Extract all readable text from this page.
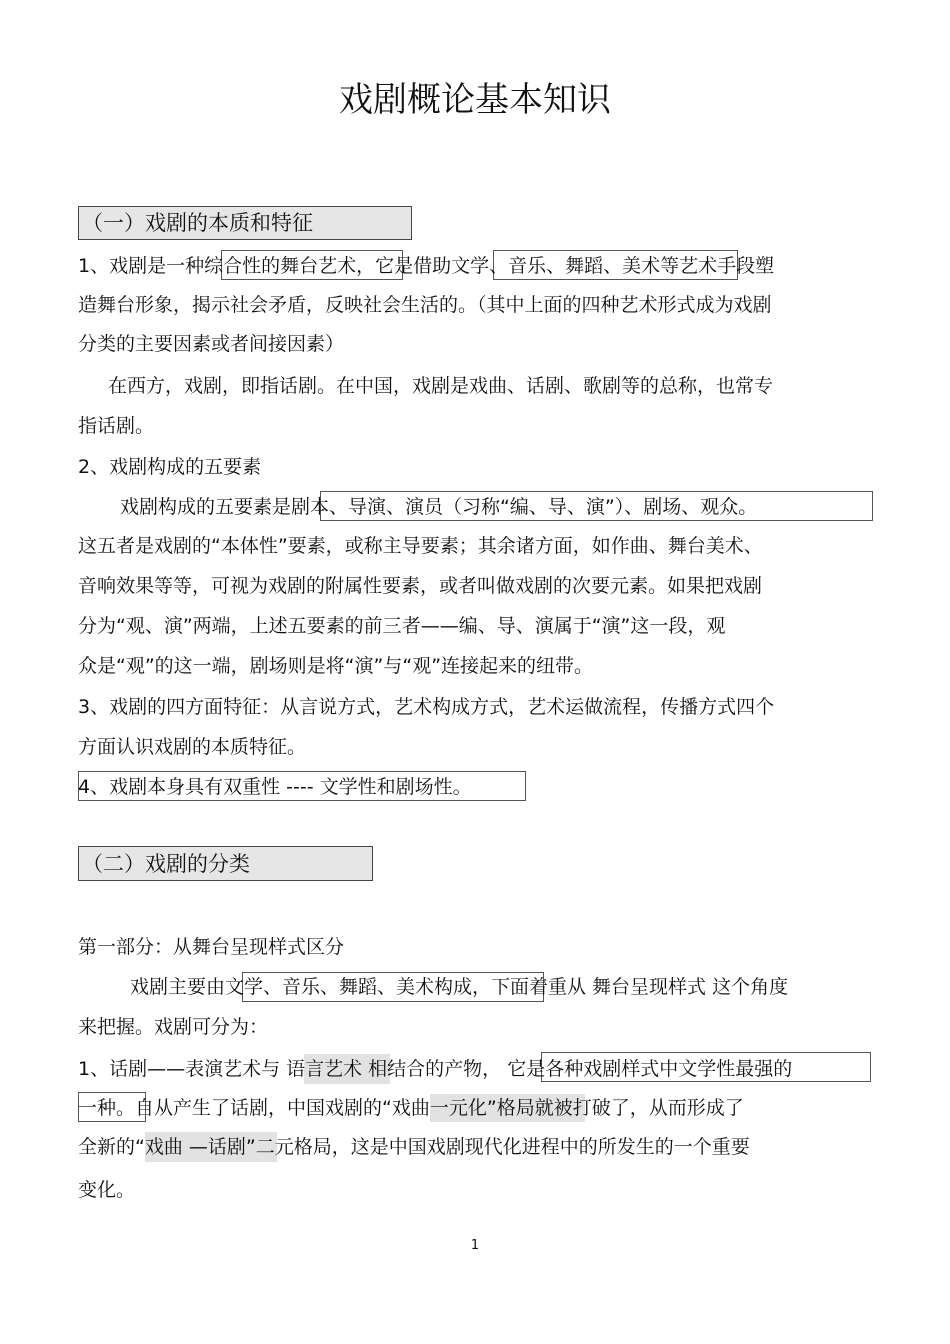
戏剧概论基本知识
（一）戏剧的本质和特征
1、戏剧是一种综合性的舞台艺术，它是借助文学、音乐、舞蹈、美术等艺术手段塑
造舞台形象，揭示社会矛盾，反映社会生活的。（其中上面的四种艺术形式成为戏剧
分类的主要因素或者间接因素）
在西方，戏剧，即指话剧。在中国，戏剧是戏曲、话剧、歌剧等的总称，也常专
指话剧。
2、戏剧构成的五要素
戏剧构成的五要素是剧本、导演、演员（习称“编、导、演”）、剧场、观众。
这五者是戏剧的“本体性”要素，或称主导要素；其余诸方面，如作曲、舞台美术、
音响效果等等，可视为戏剧的附属性要素，或者叫做戏剧的次要元素。如果把戏剧
分为“观、演”两端，上述五要素的前三者——编、导、演属于“演”这一段，观
众是“观”的这一端，剧场则是将“演”与“观”连接起来的纽带。
3、戏剧的四方面特征：从言说方式，艺术构成方式，艺术运做流程，传播方式四个
方面认识戏剧的本质特征。
4、戏剧本身具有双重性 ---- 文学性和剧场性。
（二）戏剧的分类
第一部分：从舞台呈现样式区分
戏剧主要由文学、音乐、舞蹈、美术构成，下面着重从 舞台呈现样式 这个角度
来把握。戏剧可分为：
1、话剧——表演艺术与 语言艺术 相结合的产物， 它是各种戏剧样式中文学性最强的
一种。自从产生了话剧，中国戏剧的“戏曲一元化”格局就被打破了，从而形成了
全新的“戏曲 —话剧”二元格局，这是中国戏剧现代化进程中的所发生的一个重要
变化。
1
